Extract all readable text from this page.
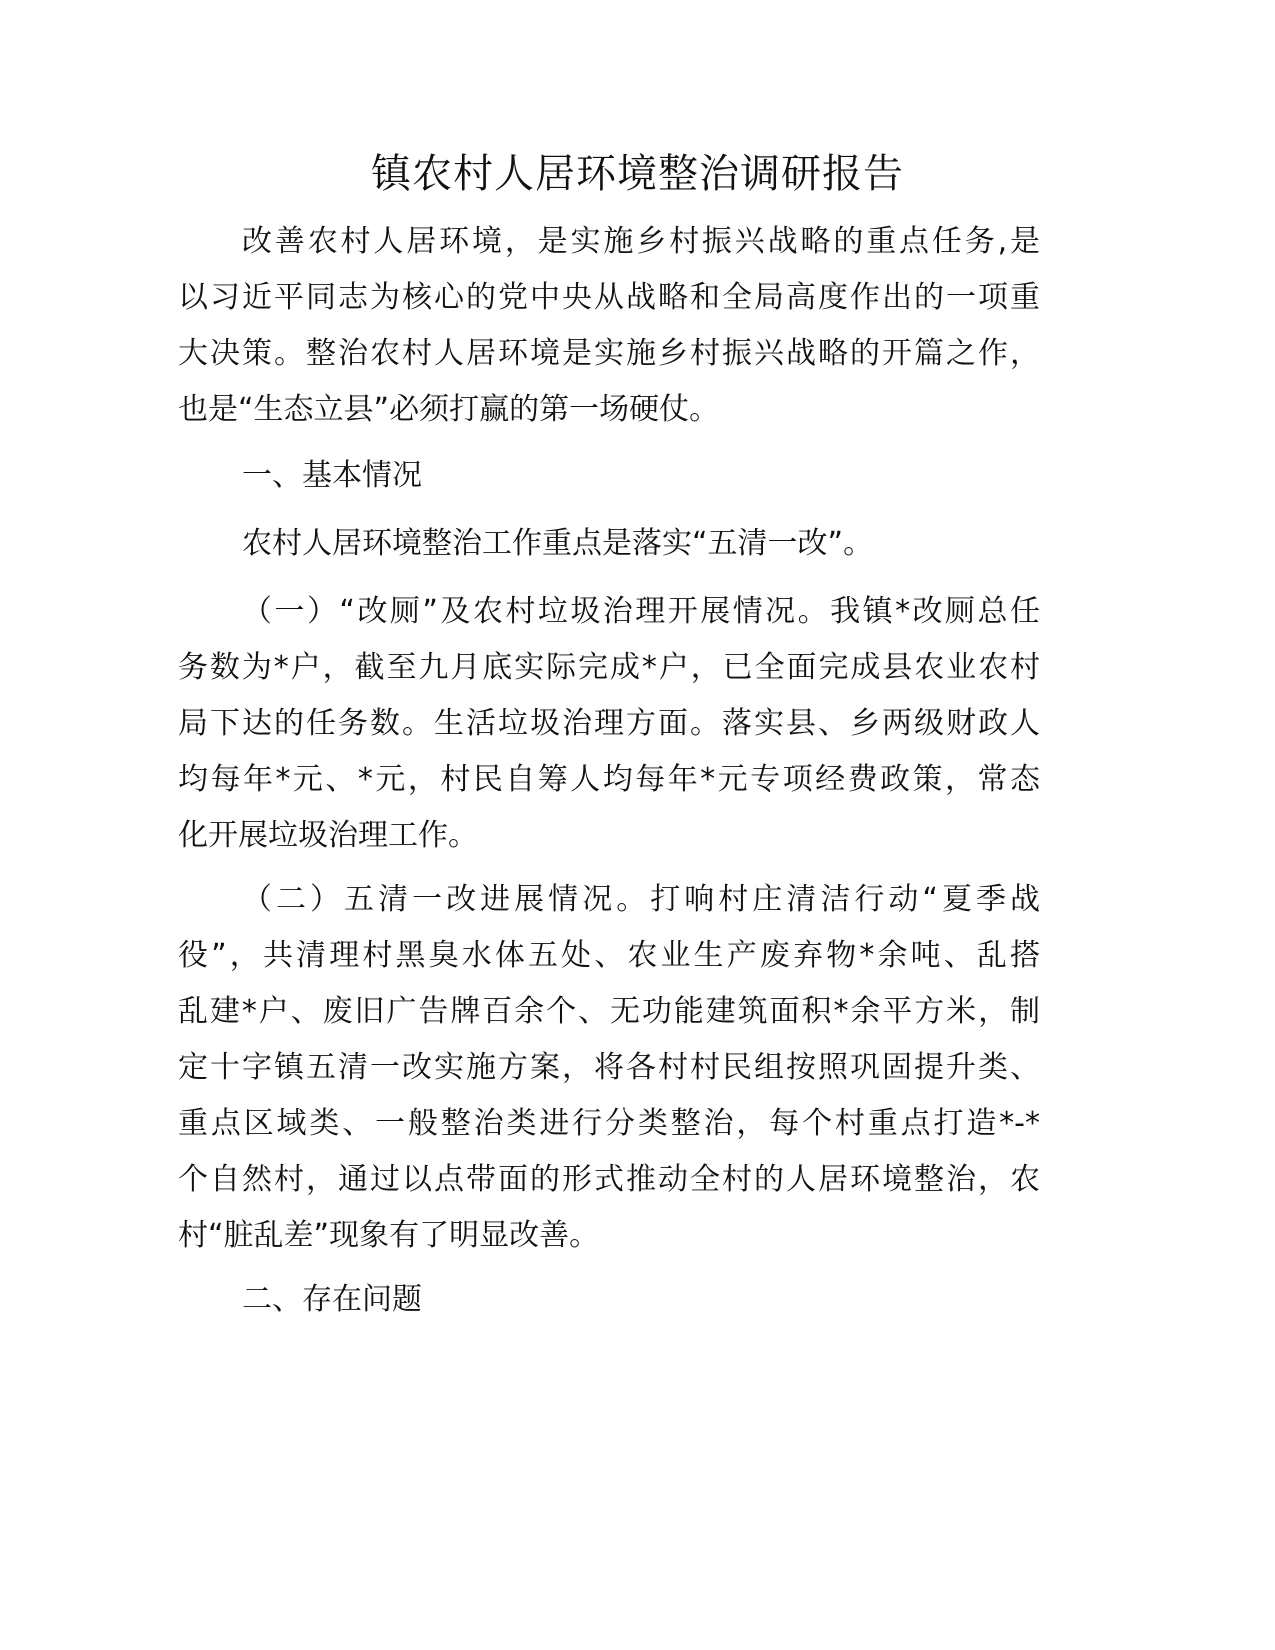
镇农村人居环境整治调研报告
改善农村人居环境，是实施乡村振兴战略的重点任务,是
以习近平同志为核心的党中央从战略和全局高度作出的一项重
大决策。整治农村人居环境是实施乡村振兴战略的开篇之作，
也是“生态立县”必须打赢的第一场硬仗。
一、基本情况
农村人居环境整治工作重点是落实“五清一改”。
（一）“改厕”及农村垃圾治理开展情况。我镇*改厕总任
务数为*户，截至九月底实际完成*户，已全面完成县农业农村
局下达的任务数。生活垃圾治理方面。落实县、乡两级财政人
均每年*元、*元，村民自筹人均每年*元专项经费政策，常态
化开展垃圾治理工作。
（二）五清一改进展情况。打响村庄清洁行动“夏季战
役”，共清理村黑臭水体五处、农业生产废弃物*余吨、乱搭
乱建*户、废旧广告牌百余个、无功能建筑面积*余平方米，制
定十字镇五清一改实施方案，将各村村民组按照巩固提升类、
重点区域类、一般整治类进行分类整治，每个村重点打造*-*
个自然村，通过以点带面的形式推动全村的人居环境整治，农
村“脏乱差”现象有了明显改善。
二、存在问题
